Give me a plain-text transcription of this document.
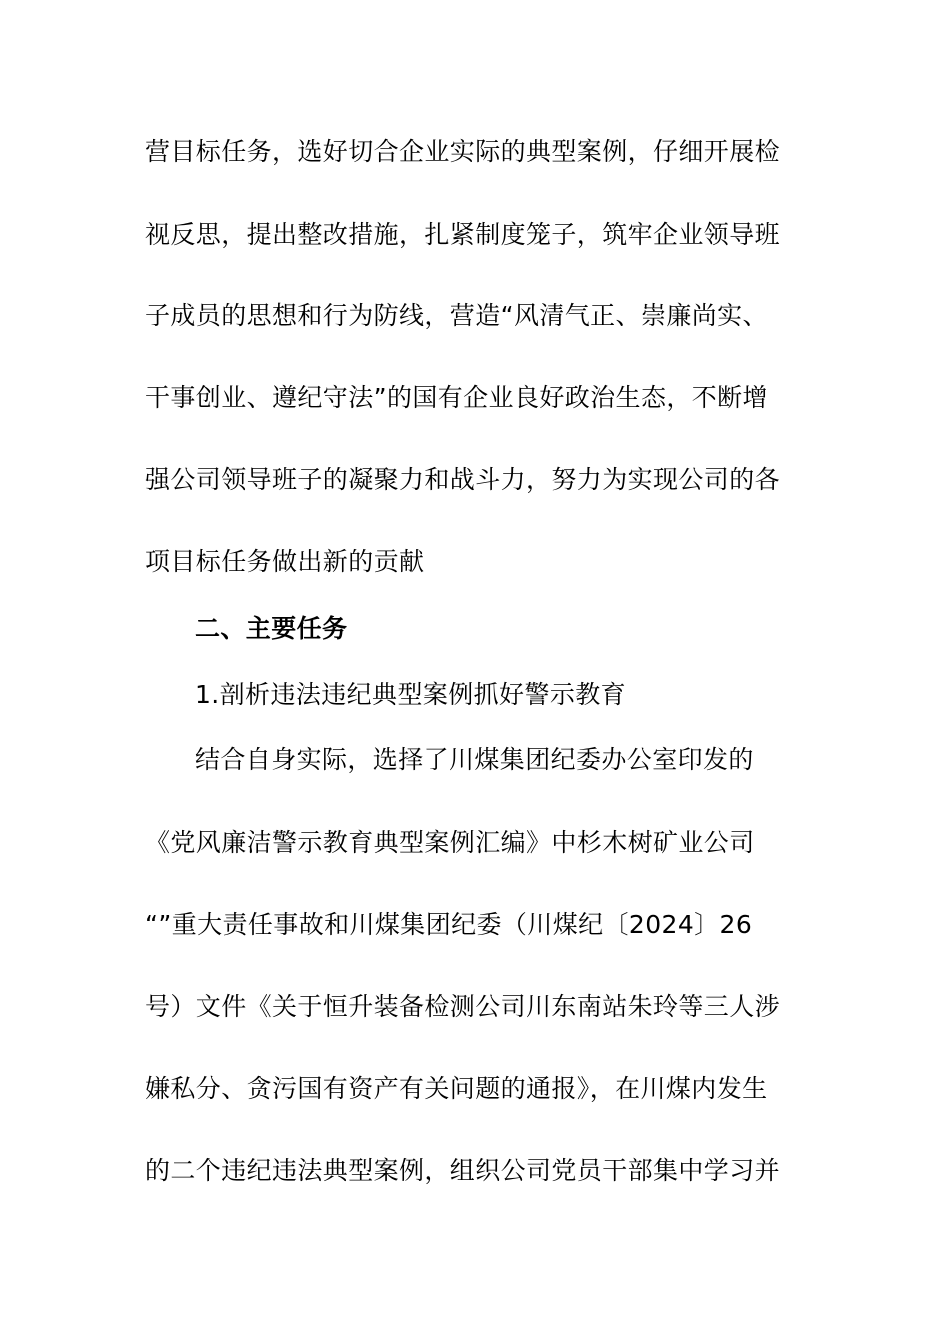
营目标任务，选好切合企业实际的典型案例，仔细开展检
视反思，提出整改措施，扎紧制度笼子，筑牢企业领导班
子成员的思想和行为防线，营造“风清气正、崇廉尚实、
干事创业、遵纪守法”的国有企业良好政治生态，不断增
强公司领导班子的凝聚力和战斗力，努力为实现公司的各
项目标任务做出新的贡献
二、主要任务
1.剖析违法违纪典型案例抓好警示教育
结合自身实际，选择了川煤集团纪委办公室印发的
《党风廉洁警示教育典型案例汇编》中杉木树矿业公司
“”重大责任事故和川煤集团纪委（川煤纪〔2024〕26
号）文件《关于恒升装备检测公司川东南站朱玲等三人涉
嫌私分、贪污国有资产有关问题的通报》，在川煤内发生
的二个违纪违法典型案例，组织公司党员干部集中学习并
